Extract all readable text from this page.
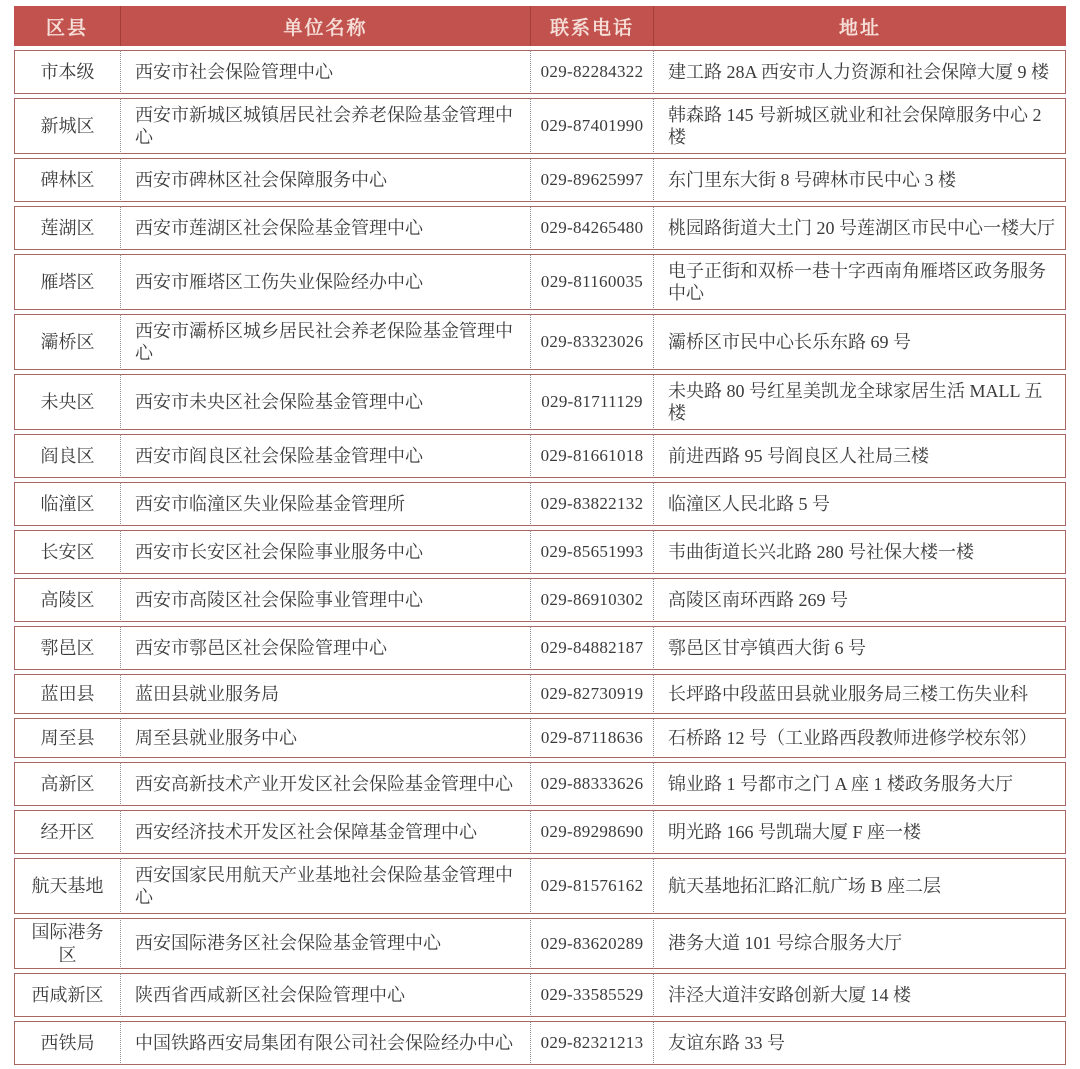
区县	单位名称	联系电话	地址
市本级	西安市社会保险管理中心	029-82284322	建工路 28A 西安市人力资源和社会保障大厦 9 楼
新城区	西安市新城区城镇居民社会养老保险基金管理中心	029-87401990	韩森路 145 号新城区就业和社会保障服务中心 2 楼
碑林区	西安市碑林区社会保障服务中心	029-89625997	东门里东大街 8 号碑林市民中心 3 楼
莲湖区	西安市莲湖区社会保险基金管理中心	029-84265480	桃园路街道大土门 20 号莲湖区市民中心一楼大厅
雁塔区	西安市雁塔区工伤失业保险经办中心	029-81160035	电子正街和双桥一巷十字西南角雁塔区政务服务中心
灞桥区	西安市灞桥区城乡居民社会养老保险基金管理中心	029-83323026	灞桥区市民中心长乐东路 69 号
未央区	西安市未央区社会保险基金管理中心	029-81711129	未央路 80 号红星美凯龙全球家居生活 MALL 五楼
阎良区	西安市阎良区社会保险基金管理中心	029-81661018	前进西路 95 号阎良区人社局三楼
临潼区	西安市临潼区失业保险基金管理所	029-83822132	临潼区人民北路 5 号
长安区	西安市长安区社会保险事业服务中心	029-85651993	韦曲街道长兴北路 280 号社保大楼一楼
高陵区	西安市高陵区社会保险事业管理中心	029-86910302	高陵区南环西路 269 号
鄠邑区	西安市鄠邑区社会保险管理中心	029-84882187	鄠邑区甘亭镇西大街 6 号
蓝田县	蓝田县就业服务局	029-82730919	长坪路中段蓝田县就业服务局三楼工伤失业科
周至县	周至县就业服务中心	029-87118636	石桥路 12 号（工业路西段教师进修学校东邻）
高新区	西安高新技术产业开发区社会保险基金管理中心	029-88333626	锦业路 1 号都市之门 A 座 1 楼政务服务大厅
经开区	西安经济技术开发区社会保障基金管理中心	029-89298690	明光路 166 号凯瑞大厦 F 座一楼
航天基地	西安国家民用航天产业基地社会保险基金管理中心	029-81576162	航天基地拓汇路汇航广场 B 座二层
国际港务区	西安国际港务区社会保险基金管理中心	029-83620289	港务大道 101 号综合服务大厅
西咸新区	陕西省西咸新区社会保险管理中心	029-33585529	沣泾大道沣安路创新大厦 14 楼
西铁局	中国铁路西安局集团有限公司社会保险经办中心	029-82321213	友谊东路 33 号
